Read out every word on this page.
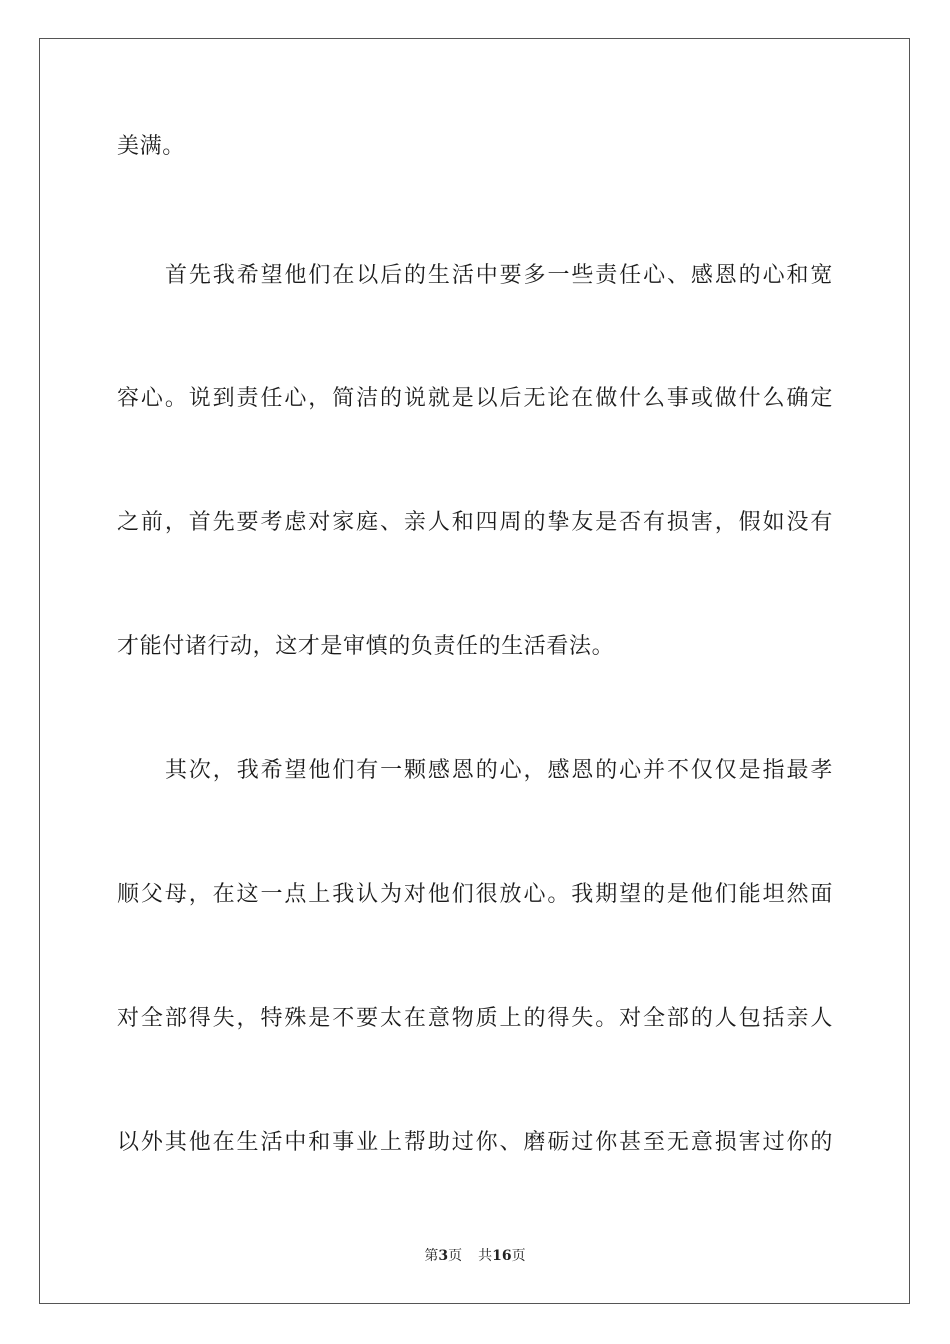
美满。
首先我希望他们在以后的生活中要多一些责任心、感恩的心和宽
容心。说到责任心，简洁的说就是以后无论在做什么事或做什么确定
之前，首先要考虑对家庭、亲人和四周的挚友是否有损害，假如没有
才能付诸行动，这才是审慎的负责任的生活看法。
其次，我希望他们有一颗感恩的心，感恩的心并不仅仅是指最孝
顺父母，在这一点上我认为对他们很放心。我期望的是他们能坦然面
对全部得失，特殊是不要太在意物质上的得失。对全部的人包括亲人
以外其他在生活中和事业上帮助过你、磨砺过你甚至无意损害过你的
第3页 共16页
